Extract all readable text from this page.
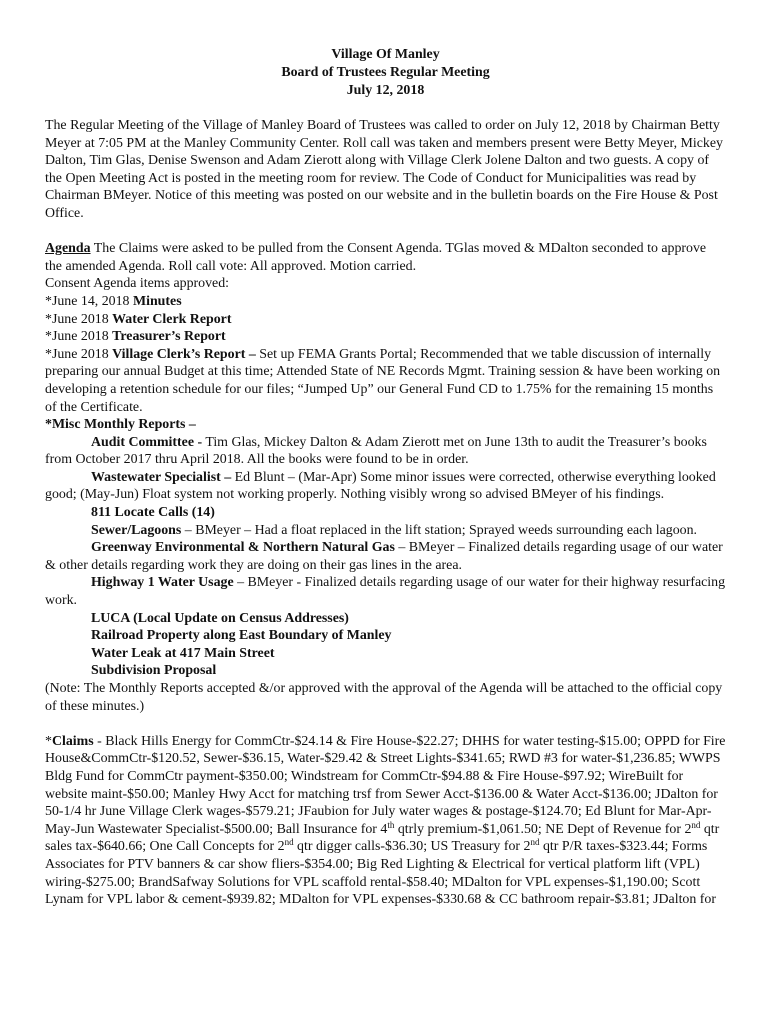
Village Of Manley
Board of Trustees Regular Meeting
July 12, 2018

The Regular Meeting of the Village of Manley Board of Trustees was called to order on July 12, 2018 by Chairman Betty Meyer at 7:05 PM at the Manley Community Center. Roll call was taken and members present were Betty Meyer, Mickey Dalton, Tim Glas, Denise Swenson and Adam Zierott along with Village Clerk Jolene Dalton and two guests. A copy of the Open Meeting Act is posted in the meeting room for review. The Code of Conduct for Municipalities was read by Chairman BMeyer. Notice of this meeting was posted on our website and in the bulletin boards on the Fire House & Post Office.

Agenda The Claims were asked to be pulled from the Consent Agenda. TGlas moved & MDalton seconded to approve the amended Agenda. Roll call vote: All approved. Motion carried.

Consent Agenda items approved:

*June 14, 2018 Minutes

*June 2018 Water Clerk Report

*June 2018 Treasurer’s Report

*June 2018 Village Clerk’s Report – Set up FEMA Grants Portal; Recommended that we table discussion of internally preparing our annual Budget at this time; Attended State of NE Records Mgmt. Training session & have been working on developing a retention schedule for our files; “Jumped Up” our General Fund CD to 1.75% for the remaining 15 months of the Certificate.

*Misc Monthly Reports –

Audit Committee - Tim Glas, Mickey Dalton & Adam Zierott met on June 13th to audit the Treasurer’s books from October 2017 thru April 2018. All the books were found to be in order.

Wastewater Specialist – Ed Blunt – (Mar-Apr) Some minor issues were corrected, otherwise everything looked good; (May-Jun) Float system not working properly. Nothing visibly wrong so advised BMeyer of his findings.

811 Locate Calls (14)

Sewer/Lagoons – BMeyer – Had a float replaced in the lift station; Sprayed weeds surrounding each lagoon.

Greenway Environmental & Northern Natural Gas – BMeyer – Finalized details regarding usage of our water & other details regarding work they are doing on their gas lines in the area.

Highway 1 Water Usage – BMeyer - Finalized details regarding usage of our water for their highway resurfacing work.

LUCA (Local Update on Census Addresses)

Railroad Property along East Boundary of Manley

Water Leak at 417 Main Street

Subdivision Proposal

(Note: The Monthly Reports accepted &/or approved with the approval of the Agenda will be attached to the official copy of these minutes.)

*Claims - Black Hills Energy for CommCtr-$24.14 & Fire House-$22.27; DHHS for water testing-$15.00; OPPD for Fire House&CommCtr-$120.52, Sewer-$36.15, Water-$29.42 & Street Lights-$341.65; RWD #3 for water-$1,236.85; WWPS Bldg Fund for CommCtr payment-$350.00; Windstream for CommCtr-$94.88 & Fire House-$97.92; WireBuilt for website maint-$50.00; Manley Hwy Acct for matching trsf from Sewer Acct-$136.00 & Water Acct-$136.00; JDalton for 50-1/4 hr June Village Clerk wages-$579.21; JFaubion for July water wages & postage-$124.70; Ed Blunt for Mar-Apr-May-Jun Wastewater Specialist-$500.00; Ball Insurance for 4th qtrly premium-$1,061.50; NE Dept of Revenue for 2nd qtr sales tax-$640.66; One Call Concepts for 2nd qtr digger calls-$36.30; US Treasury for 2nd qtr P/R taxes-$323.44; Forms Associates for PTV banners & car show fliers-$354.00; Big Red Lighting & Electrical for vertical platform lift (VPL) wiring-$275.00; BrandSafway Solutions for VPL scaffold rental-$58.40; MDalton for VPL expenses-$1,190.00; Scott Lynam for VPL labor & cement-$939.82; MDalton for VPL expenses-$330.68 & CC bathroom repair-$3.81; JDalton for
